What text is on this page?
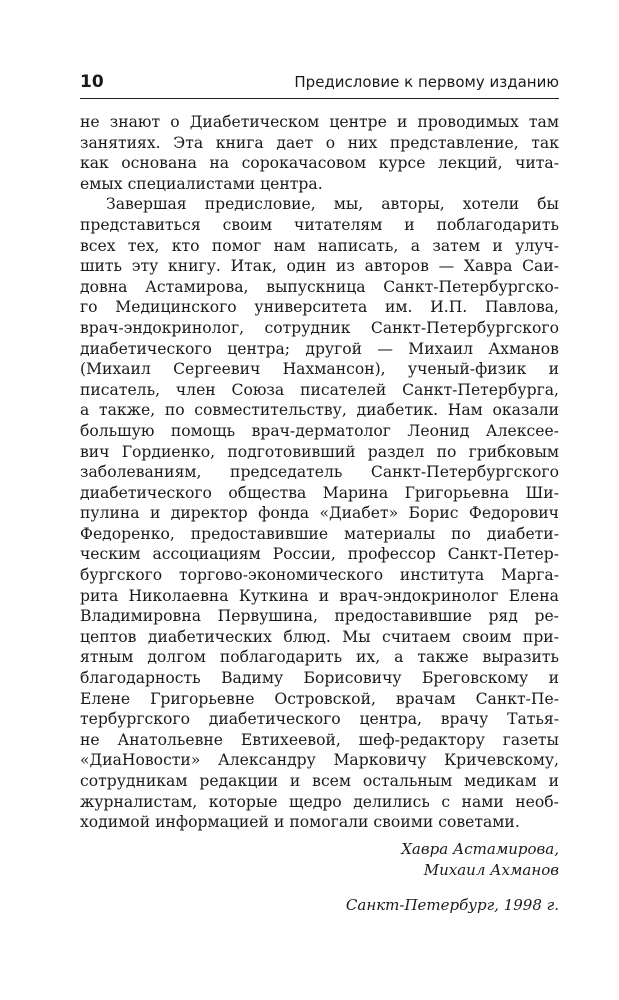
10	Предисловие к первому изданию
не знают о Диабетическом центре и проводимых там
занятиях. Эта книга дает о них представление, так
как основана на сорокачасовом курсе лекций, чита-
емых специалистами центра.
Завершая предисловие, мы, авторы, хотели бы
представиться своим читателям и поблагодарить
всех тех, кто помог нам написать, а затем и улуч-
шить эту книгу. Итак, один из авторов — Хавра Саи-
довна Астамирова, выпускница Санкт-Петербургско-
го Медицинского университета им. И.П. Павлова,
врач-эндокринолог, сотрудник Санкт-Петербургского
диабетического центра; другой — Михаил Ахманов
(Михаил Сергеевич Нахмансон), ученый-физик и
писатель, член Союза писателей Санкт-Петербурга,
а также, по совместительству, диабетик. Нам оказали
большую помощь врач-дерматолог Леонид Алексее-
вич Гордиенко, подготовивший раздел по грибковым
заболеваниям, председатель Санкт-Петербургского
диабетического общества Марина Григорьевна Ши-
пулина и директор фонда «Диабет» Борис Федорович
Федоренко, предоставившие материалы по диабети-
ческим ассоциациям России, профессор Санкт-Петер-
бургского торгово-экономического института Марга-
рита Николаевна Куткина и врач-эндокринолог Елена
Владимировна Первушина, предоставившие ряд ре-
цептов диабетических блюд. Мы считаем своим при-
ятным долгом поблагодарить их, а также выразить
благодарность Вадиму Борисовичу Бреговскому и
Елене Григорьевне Островской, врачам Санкт-Пе-
тербургского диабетического центра, врачу Татья-
не Анатольевне Евтихеевой, шеф-редактору газеты
«ДиаНовости» Александру Марковичу Кричевскому,
сотрудникам редакции и всем остальным медикам и
журналистам, которые щедро делились с нами необ-
ходимой информацией и помогали своими советами.
Хавра Астамирова,
Михаил Ахманов
Санкт-Петербург, 1998 г.
